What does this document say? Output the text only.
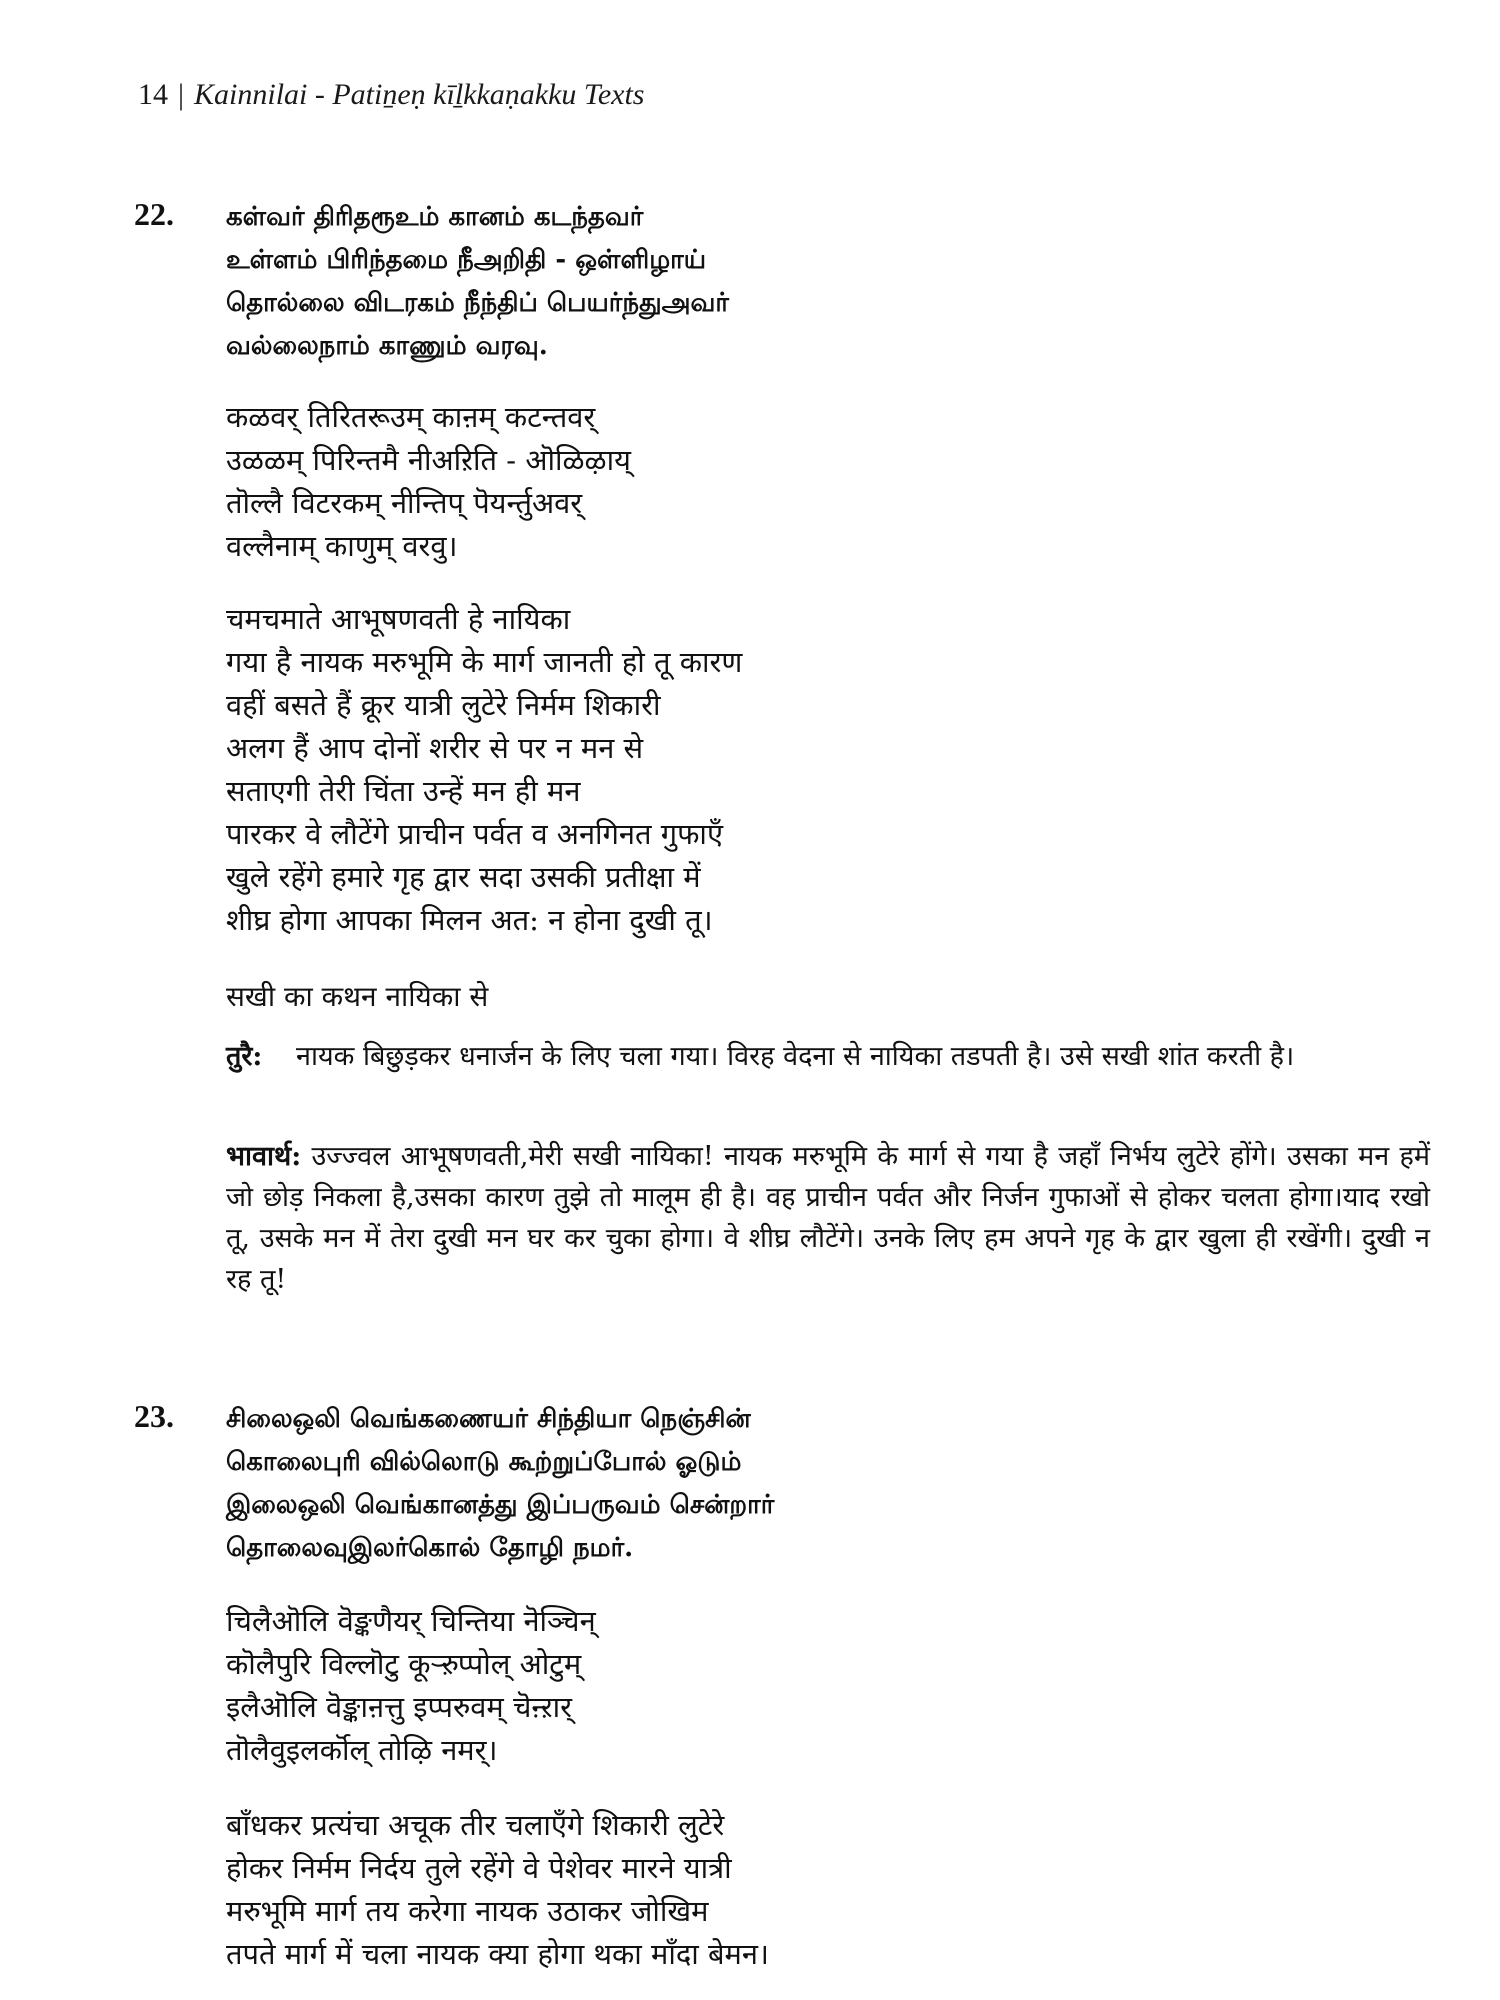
14 | Kainnilai - Patiṉeṇ kīḻkkaṇakku Texts
22. கள்வர் திரிதரூஉம் கானம் கடந்தவர்
உள்ளம் பிரிந்தமை நீஅறிதி - ஒள்ளிழாய்
தொல்லை விடரகம் நீந்திப் பெயர்ந்துஅவர்
வல்லைநாம் காணும் வரவு.
कळवर् तिरितरूउम् काऩम् कटन्तवर्
उळळम् पिरिन्तमै नीअऱिति - ऒळिऴाय्
तॊल्लै विटरकम् नीन्तिप् पॆयर्न्तुअवर्
वल्लैनाम् काणुम् वरवु।
चमचमाते आभूषणवती हे नायिका
गया है नायक मरुभूमि के मार्ग जानती हो तू कारण
वहीं बसते हैं क्रूर यात्री लुटेरे निर्मम शिकारी
अलग हैं आप दोनों शरीर से पर न मन से
सताएगी तेरी चिंता उन्हें मन ही मन
पारकर वे लौटेंगे प्राचीन पर्वत व अनगिनत गुफाएँ
खुले रहेंगे हमारे गृह द्वार सदा उसकी प्रतीक्षा में
शीघ्र होगा आपका मिलन अत: न होना दुखी तू।
सखी का कथन नायिका से
तुरै:	नायक बिछुड़कर धनार्जन के लिए चला गया। विरह वेदना से नायिका तडपती है। उसे सखी शांत करती है।
भावार्थ: उज्ज्वल आभूषणवती,मेरी सखी नायिका! नायक मरुभूमि के मार्ग से गया है जहाँ निर्भय लुटेरे होंगे। उसका मन हमें जो छोड़ निकला है,उसका कारण तुझे तो मालूम ही है। वह प्राचीन पर्वत और निर्जन गुफाओं से होकर चलता होगा।याद रखो तू, उसके मन में तेरा दुखी मन घर कर चुका होगा। वे शीघ्र लौटेंगे। उनके लिए हम अपने गृह के द्वार खुला ही रखेंगी। दुखी न रह तू!
23. சிலைஒலி வெங்கணையர் சிந்தியா நெஞ்சின்
கொலைபுரி வில்லொடு கூற்றுப்போல் ஓடும்
இலைஒலி வெங்கானத்து இப்பருவம் சென்றார்
தொலைவுஇலர்கொல் தோழி நமர்.
चिलैऒलि वॆङ्कणैयर् चिन्तिया नॆञ्चिन्
कॊलैपुरि विल्लॊटु कूऱ्ऱुप्पोल् ओटुम्
इलैऒलि वॆङ्काऩत्तु इप्परुवम् चॆऩ्ऱार्
तॊलैवुइलर्कॊल् तोऴि नमर्।
बाँधकर प्रत्यंचा अचूक तीर चलाएँगे शिकारी लुटेरे
होकर निर्मम निर्दय तुले रहेंगे वे पेशेवर मारने यात्री
मरुभूमि मार्ग तय करेगा नायक उठाकर जोखिम
तपते मार्ग में चला नायक क्या होगा थका माँदा बेमन।
